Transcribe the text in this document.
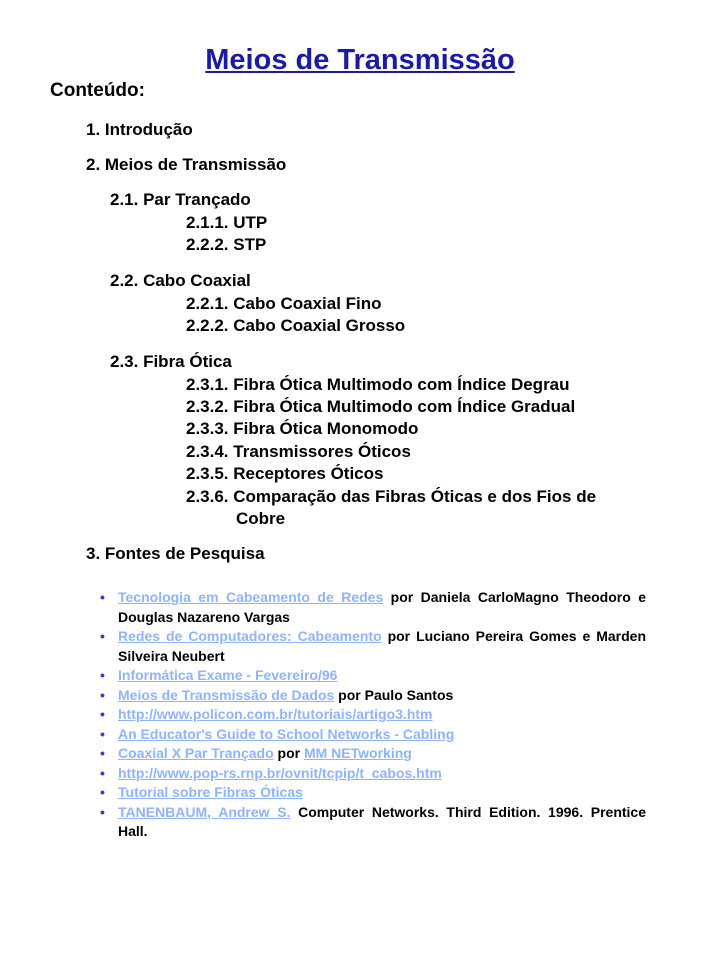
Meios de Transmissão
Conteúdo:
1. Introdução
2. Meios de Transmissão
2.1. Par Trançado
2.1.1. UTP
2.2.2. STP
2.2. Cabo Coaxial
2.2.1. Cabo Coaxial Fino
2.2.2. Cabo Coaxial Grosso
2.3. Fibra Ótica
2.3.1. Fibra Ótica Multimodo com Índice Degrau
2.3.2. Fibra Ótica Multimodo com Índice Gradual
2.3.3. Fibra Ótica Monomodo
2.3.4. Transmissores Óticos
2.3.5. Receptores Óticos
2.3.6. Comparação das Fibras Óticas e dos Fios de
Cobre
3. Fontes de Pesquisa
• Tecnologia em Cabeamento de Redes por Daniela CarloMagno Theodoro e Douglas Nazareno Vargas
• Redes de Computadores: Cabeamento por Luciano Pereira Gomes e Marden Silveira Neubert
• Informática Exame - Fevereiro/96
• Meios de Transmissão de Dados por Paulo Santos
• http://www.policon.com.br/tutoriais/artigo3.htm
• An Educator's Guide to School Networks - Cabling
• Coaxial X Par Trançado por MM NETworking
• http://www.pop-rs.rnp.br/ovnit/tcpip/t_cabos.htm
• Tutorial sobre Fibras Óticas
• TANENBAUM, Andrew S. Computer Networks. Third Edition. 1996. Prentice Hall.
